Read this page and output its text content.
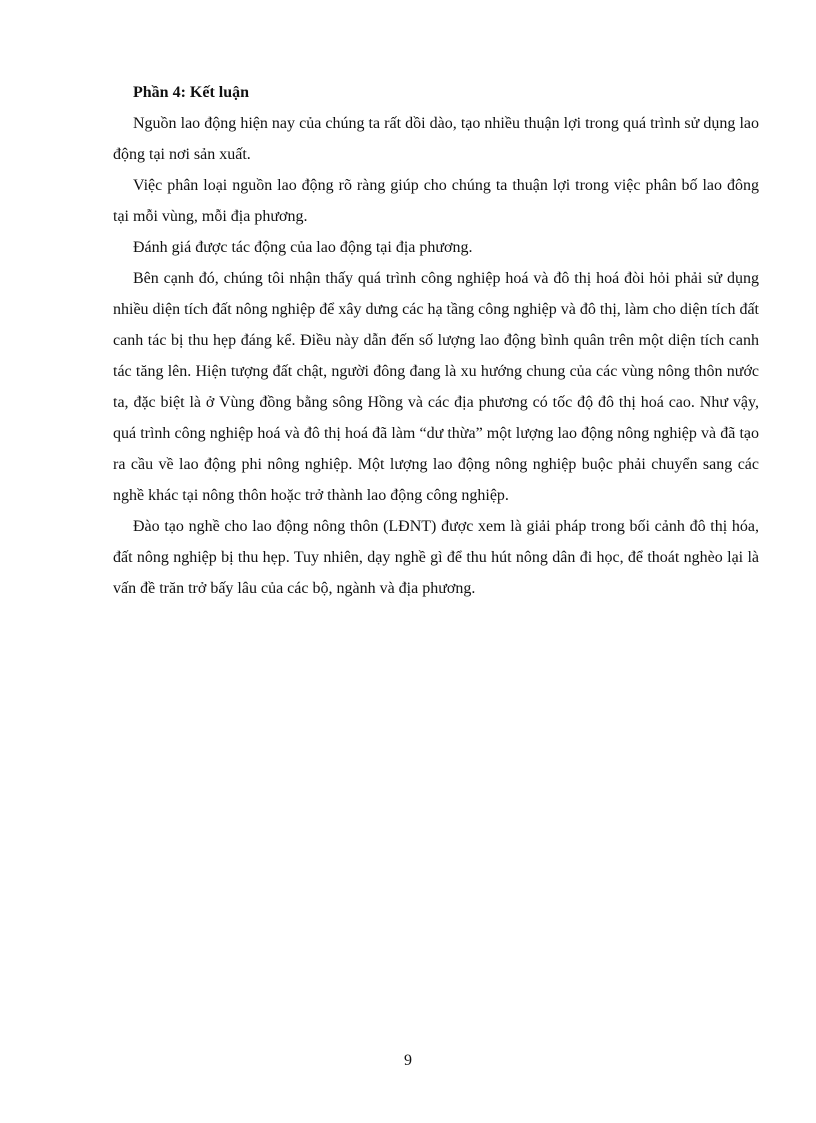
Phần 4: Kết luận

Nguồn lao động hiện nay của chúng ta rất dồi dào, tạo nhiều thuận lợi trong quá trình sử dụng lao động tại nơi sản xuất.

Việc phân loại nguồn lao động rõ ràng giúp cho chúng ta thuận lợi trong việc phân bố lao đông tại mỗi vùng, mỗi địa phương.

Đánh giá được tác động của lao động tại địa phương.

Bên cạnh đó, chúng tôi nhận thấy quá trình công nghiệp hoá và đô thị hoá đòi hỏi phải sử dụng nhiều diện tích đất nông nghiệp để xây dưng các hạ tầng công nghiệp và đô thị, làm cho diện tích đất canh tác bị thu hẹp đáng kể. Điều này dẫn đến số lượng lao động bình quân trên một diện tích canh tác tăng lên. Hiện tượng đất chật, người đông đang là xu hướng chung của các vùng nông thôn nước ta, đặc biệt là ở Vùng đồng bằng sông Hồng và các địa phương có tốc độ đô thị hoá cao. Như vậy, quá trình công nghiệp hoá và đô thị hoá đã làm “dư thừa” một lượng lao động nông nghiệp và đã tạo ra cầu về lao động phi nông nghiệp. Một lượng lao động nông nghiệp buộc phải chuyển sang các nghề khác tại nông thôn hoặc trở thành lao động công nghiệp.

Đào tạo nghề cho lao động nông thôn (LĐNT) được xem là giải pháp trong bối cảnh đô thị hóa, đất nông nghiệp bị thu hẹp. Tuy nhiên, dạy nghề gì để thu hút nông dân đi học, để thoát nghèo lại là vấn đề trăn trở bấy lâu của các bộ, ngành và địa phương.

9
